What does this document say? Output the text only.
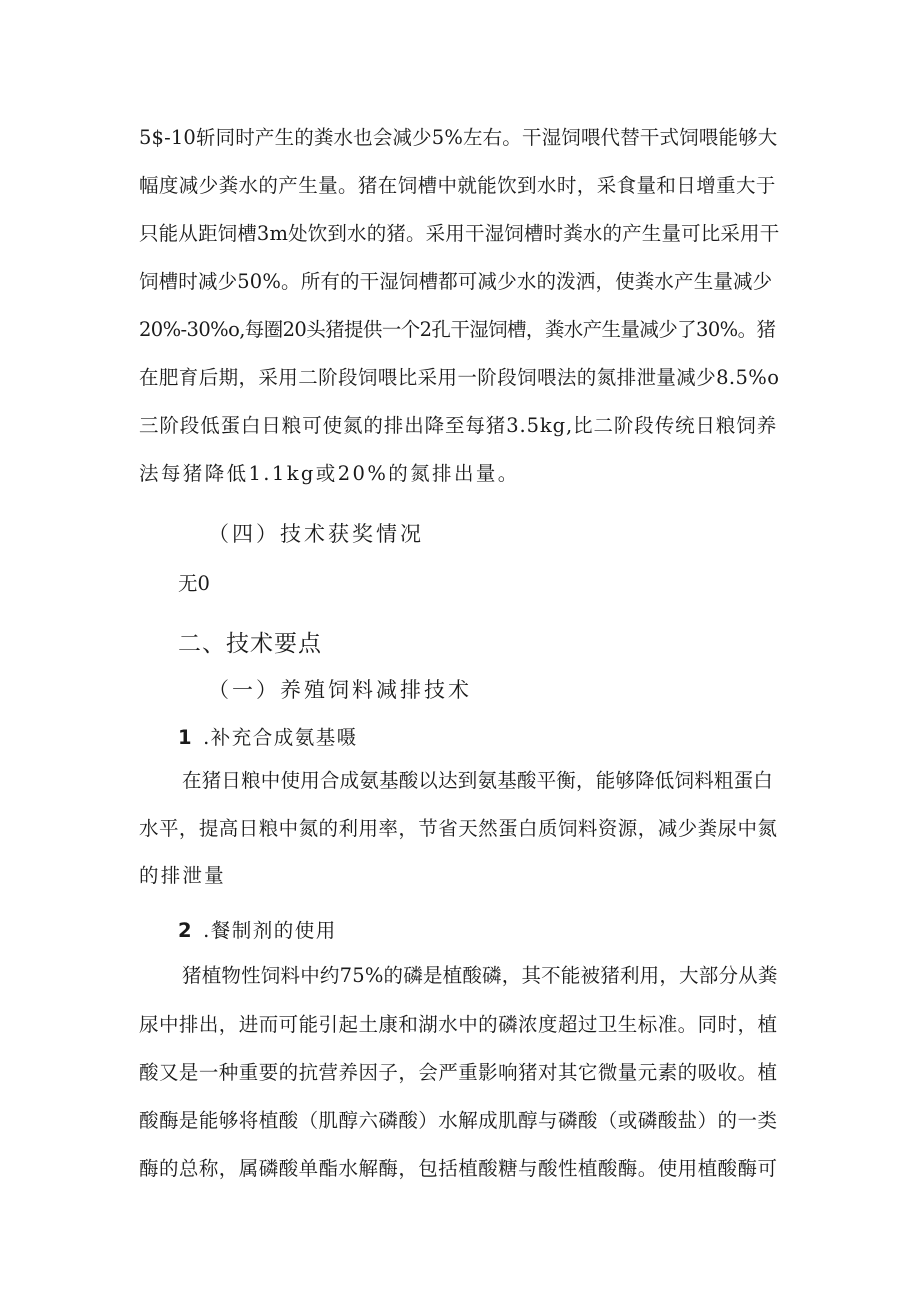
5$-10斩同时产生的粪水也会减少5%左右。干湿饲喂代替干式饲喂能够大
幅度减少粪水的产生量。猪在饲槽中就能饮到水时，采食量和日增重大于
只能从距饲槽3m处饮到水的猪。采用干湿饲槽时粪水的产生量可比采用干
饲槽时减少50%。所有的干湿饲槽都可减少水的泼洒，使粪水产生量减少
20%-30%o,每圈20头猪提供一个2孔干湿饲槽，粪水产生量减少了30%。猪
在肥育后期，采用二阶段饲喂比采用一阶段饲喂法的氮排泄量减少8.5%o
三阶段低蛋白日粮可使氮的排出降至每猪3.5kg,比二阶段传统日粮饲养
法每猪降低1.1kg或20%的氮排出量。
（四）技术获奖情况
无0
二、技术要点
（一）养殖饲料减排技术
1 .补充合成氨基嗫
在猪日粮中使用合成氨基酸以达到氨基酸平衡，能够降低饲料粗蛋白
水平，提高日粮中氮的利用率，节省天然蛋白质饲料资源，减少粪尿中氮
的排泄量
2 .餐制剂的使用
猪植物性饲料中约75%的磷是植酸磷，其不能被猪利用，大部分从粪
尿中排出，进而可能引起土康和湖水中的磷浓度超过卫生标准。同时，植
酸又是一种重要的抗营养因子，会严重影响猪对其它微量元素的吸收。植
酸酶是能够将植酸（肌醇六磷酸）水解成肌醇与磷酸（或磷酸盐）的一类
酶的总称，属磷酸单酯水解酶，包括植酸糖与酸性植酸酶。使用植酸酶可
